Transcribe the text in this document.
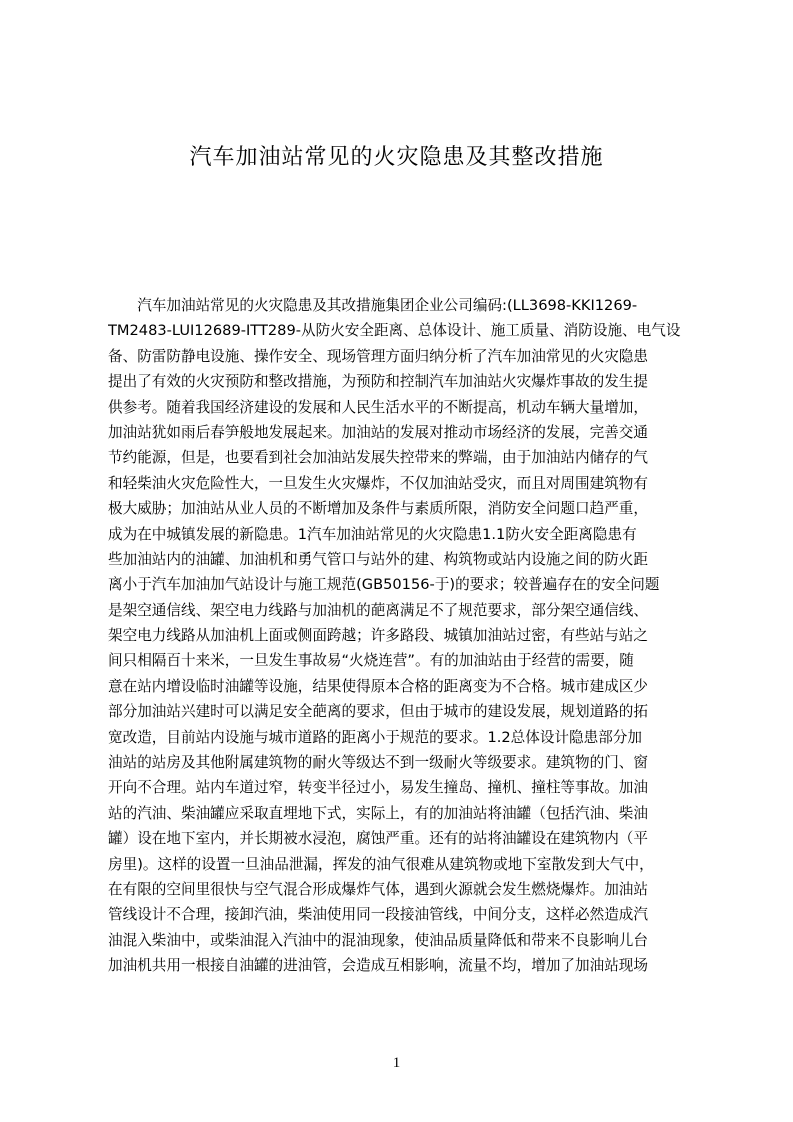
汽车加油站常见的火灾隐患及其整改措施
　　汽车加油站常见的火灾隐患及其改措施集团企业公司编码:(LL3698-KKI1269-
TM2483-LUI12689-ITT289-从防火安全距离、总体设计、施工质量、消防设施、电气设
备、防雷防静电设施、操作安全、现场管理方面归纳分析了汽车加油常见的火灾隐患
提出了有效的火灾预防和整改措施，为预防和控制汽车加油站火灾爆炸事故的发生提
供参考。随着我国经济建设的发展和人民生活水平的不断提高，机动车辆大量增加，
加油站犹如雨后春笋般地发展起来。加油站的发展对推动市场经济的发展，完善交通
节约能源，但是，也要看到社会加油站发展失控带来的弊端，由于加油站内储存的气
和轻柴油火灾危险性大，一旦发生火灾爆炸，不仅加油站受灾，而且对周围建筑物有
极大威胁；加油站从业人员的不断增加及条件与素质所限，消防安全问题口趋严重，
成为在中城镇发展的新隐患。1汽车加油站常见的火灾隐患1.1防火安全距离隐患有
些加油站内的油罐、加油机和勇气管口与站外的建、构筑物或站内设施之间的防火距
离小于汽车加油加气站设计与施工规范(GB50156-于)的要求；较普遍存在的安全问题
是架空通信线、架空电力线路与加油机的葩离满足不了规范要求，部分架空通信线、
架空电力线路从加油机上面或侧面跨越；许多路段、城镇加油站过密，有些站与站之
间只相隔百十来米，一旦发生事故易“火烧连营”。有的加油站由于经营的需要，随
意在站内增设临时油罐等设施，结果使得原本合格的距离变为不合格。城市建成区少
部分加油站兴建时可以满足安全葩离的要求，但由于城市的建设发展，规划道路的拓
宽改造，目前站内设施与城市道路的距离小于规范的要求。1.2总体设计隐患部分加
油站的站房及其他附属建筑物的耐火等级达不到一级耐火等级要求。建筑物的门、窗
开向不合理。站内车道过窄，转变半径过小，易发生撞岛、撞机、撞柱等事故。加油
站的汽油、柴油罐应采取直埋地下式，实际上，有的加油站将油罐（包括汽油、柴油
罐）设在地下室内，并长期被水浸泡，腐蚀严重。还有的站将油罐设在建筑物内（平
房里)。这样的设置一旦油品泄漏，挥发的油气很难从建筑物或地下室散发到大气中，
在有限的空间里很快与空气混合形成爆炸气体，遇到火源就会发生燃烧爆炸。加油站
管线设计不合理，接卸汽油，柴油使用同一段接油管线，中间分支，这样必然造成汽
油混入柴油中，或柴油混入汽油中的混油现象，使油品质量降低和带来不良影响儿台
加油机共用一根接自油罐的进油管，会造成互相影响，流量不均，增加了加油站现场
1
